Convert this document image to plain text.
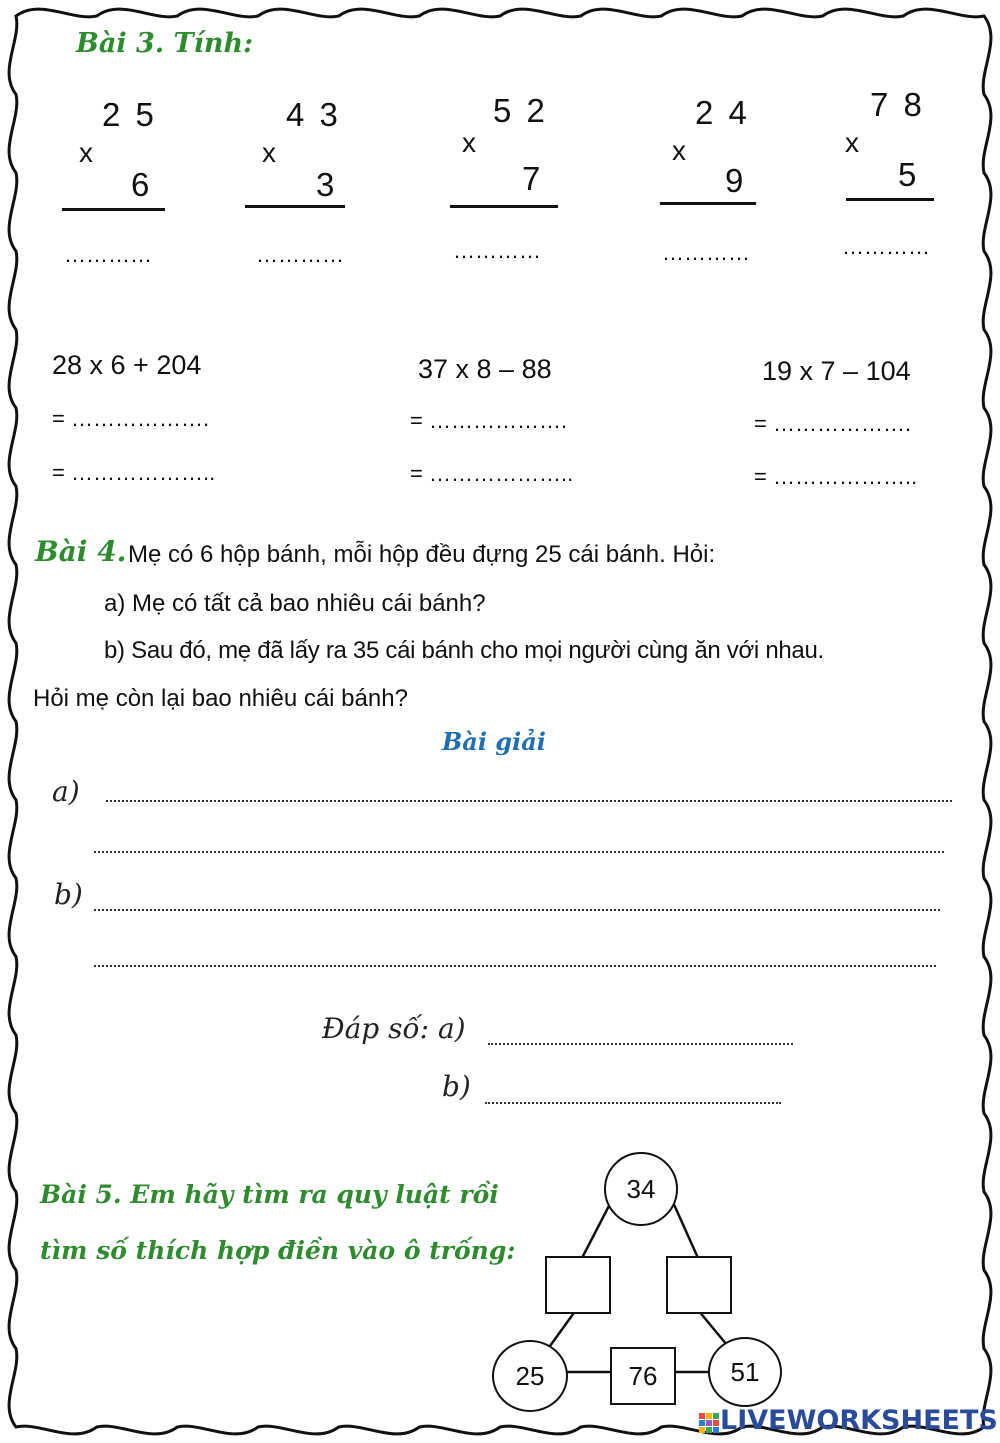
Bài 3. Tính:
2 5
x
6
…………
4 3
x
3
…………
5 2
x
7
…………
2 4
x
9
…………
7 8
x
5
…………
28 x 6 + 204
= ……………….
= ………………..
37 x 8 – 88
= ……………….
= ………………..
19 x 7 – 104
= ……………….
= ………………..
Bài 4. Mẹ có 6 hộp bánh, mỗi hộp đều đựng 25 cái bánh. Hỏi:
a) Mẹ có tất cả bao nhiêu cái bánh?
b) Sau đó, mẹ đã lấy ra 35 cái bánh cho mọi người cùng ăn với nhau.
Hỏi mẹ còn lại bao nhiêu cái bánh?
Bài giải
a)
b)
Đáp số: a)
b)
Bài 5. Em hãy tìm ra quy luật rồi
tìm số thích hợp điền vào ô trống:
34
25	76	51
LIVEWORKSHEETS
